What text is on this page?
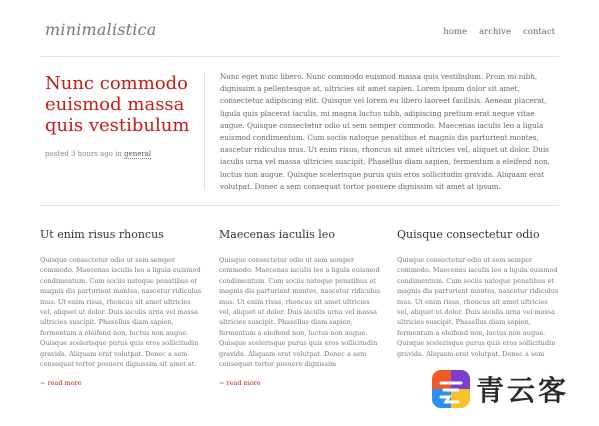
minimalistica	home archive contact
Nunc commodo euismod massa quis vestibulum
posted 3 hours ago in general
Nunc eget nunc libero. Nunc commodo euismod massa quis vestibulum. Proin mi nibh, dignissim a pellentesque at, ultricies sit amet sapien. Lorem ipsum dolor sit amet, consectetur adipiscing elit. Quisque vel lorem eu libero laoreet facilisis. Aenean placerat, ligula quis placerat iaculis, mi magna luctus nibh, adipiscing pretium erat neque vitae augue. Quisque consectetur odio ut sem semper commodo. Maecenas iaculis leo a ligula euismod condimentum. Cum sociis natoque penatibus et magnis dis parturient montes, nascetur ridiculus mus. Ut enim risus, rhoncus sit amet ultricies vel, aliquet ut dolor. Duis iaculis urna vel massa ultricies suscipit. Phasellus diam sapien, fermentum a eleifend non, luctus non augue. Quisque scelerisque purus quis eros sollicitudin gravida. Aliquam erat volutpat. Donec a sem consequat tortor posuere dignissim sit amet at ipsum.
Ut enim risus rhoncus

Quisque consectetur odio ut sem semper commodo. Maecenas iaculis leo a ligula euismod condimentum. Cum sociis natoque penatibus et magnis dis parturient montes, nascetur ridiculus mus. Ut enim risus, rhoncus sit amet ultricies vel, aliquet ut dolor. Duis iaculis urna vel massa ultricies suscipit. Phasellus diam sapien, fermentum a eleifend non, luctus non augue. Quisque scelerisque purus quis eros sollicitudin gravida. Aliquam erat volutpat. Donec a sem consequat tortor posuere dignissim sit amet at.

~ read more
Maecenas iaculis leo

Quisque consectetur odio ut sem semper commodo. Maecenas iaculis leo a ligula euismod condimentum. Cum sociis natoque penatibus et magnis dis parturient montes, nascetur ridiculus mus. Ut enim risus, rhoncus sit amet ultricies vel, aliquet ut dolor. Duis iaculis urna vel massa ultricies suscipit. Phasellus diam sapien, fermentum a eleifend non, luctus non augue. Quisque scelerisque purus quis eros sollicitudin gravida. Aliquam erat volutpat. Donec a sem consequat tortor posuere dignissim

~ read more
Quisque consectetur odio

Quisque consectetur odio ut sem semper commodo. Maecenas iaculis leo a ligula euismod condimentum. Cum sociis natoque penatibus et magnis dis parturient montes, nascetur ridiculus mus. Ut enim risus, rhoncus sit amet ultricies vel, aliquet ut dolor. Duis iaculis urna vel massa ultricies suscipit. Phasellus diam sapien, fermentum a eleifend non, luctus non augue. Quisque scelerisque purus quis eros sollicitudin gravida. Aliquam erat volutpat. Donec a sem

青云客
